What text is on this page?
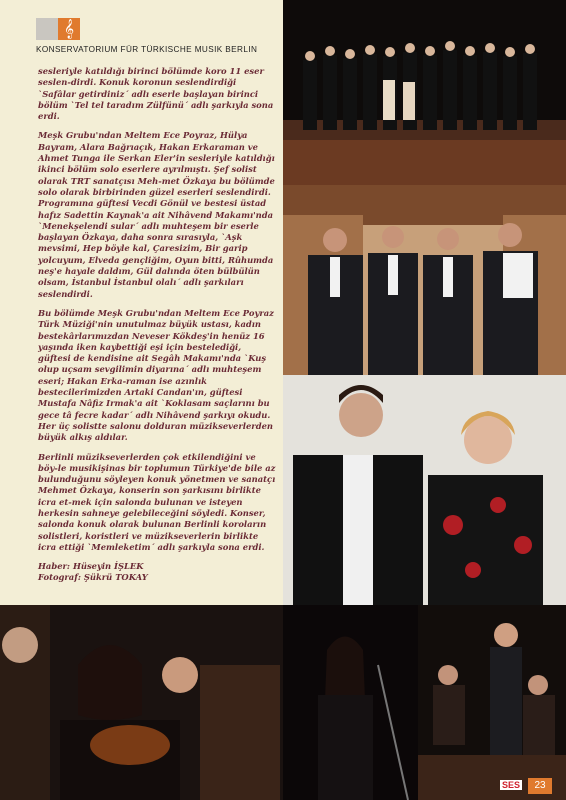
𝄞
KONSERVATORIUM FÜR TÜRKISCHE MUSIK BERLIN

sesleriyle katıldığı birinci bölümde koro 11 eser seslen-dirdi. Konuk koronun seslendirdiği `Safâlar getirdiniz´ adlı eserle başlayan birinci bölüm `Tel tel taradım Zülfünü´ adlı şarkıyla sona erdi.

Meşk Grubu'ndan Meltem Ece Poyraz, Hülya Bayram, Alara Bağrıaçık, Hakan Erkaraman ve Ahmet Tunga ile Serkan Eler'in sesleriyle katıldığı ikinci bölüm solo eserlere ayrılmıştı. Şef solist olarak TRT sanatçısı Meh-met Özkaya bu bölümde solo olarak birbirinden güzel eserleri seslendirdi. Programına güftesi Vecdi Gönül ve bestesi üstad hafız Sadettin Kaynak'a ait Nihâvend Makamı'nda `Menekşelendi sular´ adlı muhteşem bir eserle başlayan Özkaya, daha sonra sırasıyla, `Aşk mevsimi, Hep böyle kal, Çaresizim, Bir garip yolcuyum, Elveda gençliğim, Oyun bitti, Rûhumda neş'e hayale daldım, Gül dalında öten bülbülün olsam, İstanbul İstanbul olalı´ adlı şarkıları seslendirdi.

Bu bölümde Meşk Grubu'ndan Meltem Ece Poyraz Türk Müziği'nin unutulmaz büyük ustası, kadın bestekârlarımızdan Neveser Kökdeş'in henüz 16 yaşında iken kaybettiği eşi için bestelediği, güftesi de kendisine ait Segâh Makamı'nda `Kuş olup uçsam sevgilimin diyarına´ adlı muhteşem eseri; Hakan Erka-raman ise azınlık bestecilerimizden Artaki Candan'ın, güftesi Mustafa Nâfiz Irmak'a ait `Koklasam saçlarını bu gece tâ fecre kadar´ adlı Nihâvend şarkıyı okudu. Her üç solistte salonu dolduran müzikseverlerden büyük alkış aldılar.

Berlinli müzikseverlerden çok etkilendiğini ve böy-le musikişinas bir toplumun Türkiye'de bile az bulunduğunu söyleyen konuk yönetmen ve sanatçı Mehmet Özkaya, konserin son şarkısını birlikte icra et-mek için salonda bulunan ve isteyen herkesin sahneye gelebileceğini söyledi. Konser, salonda konuk olarak bulunan Berlinli koroların solistleri, koristleri ve müzikseverlerin birlikte icra ettiği `Memleketim´ adlı şarkıyla sona erdi.

Haber: Hüseyin İŞLEK
Fotograf: Şükrü TOKAY
SES	23
